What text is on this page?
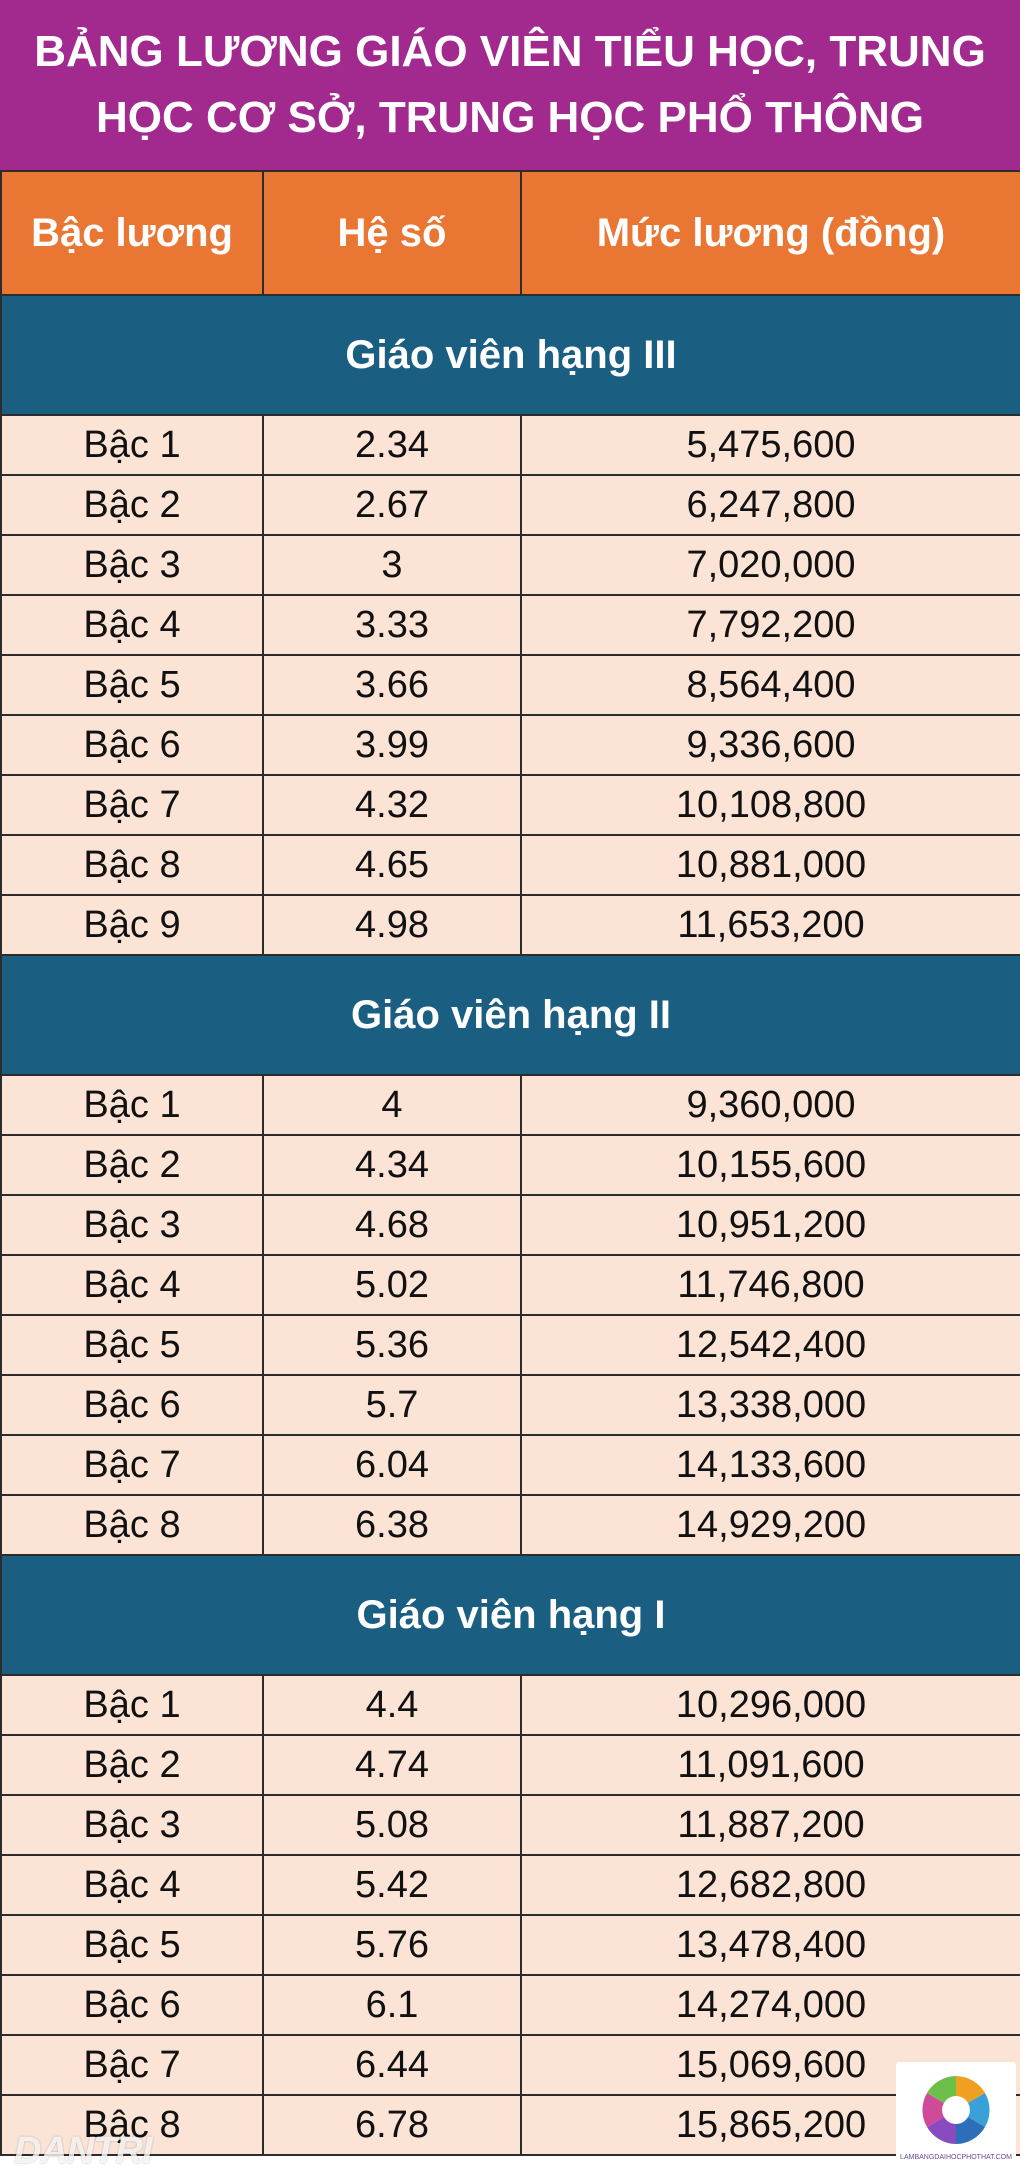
BẢNG LƯƠNG GIÁO VIÊN TIỂU HỌC, TRUNG
HỌC CƠ SỞ, TRUNG HỌC PHỔ THÔNG
Bậc lương	Hệ số	Mức lương (đồng)
Giáo viên hạng III		
Bậc 1	2.34	5,475,600
Bậc 2	2.67	6,247,800
Bậc 3	3	7,020,000
Bậc 4	3.33	7,792,200
Bậc 5	3.66	8,564,400
Bậc 6	3.99	9,336,600
Bậc 7	4.32	10,108,800
Bậc 8	4.65	10,881,000
Bậc 9	4.98	11,653,200
Giáo viên hạng II		
Bậc 1	4	9,360,000
Bậc 2	4.34	10,155,600
Bậc 3	4.68	10,951,200
Bậc 4	5.02	11,746,800
Bậc 5	5.36	12,542,400
Bậc 6	5.7	13,338,000
Bậc 7	6.04	14,133,600
Bậc 8	6.38	14,929,200
Giáo viên hạng I		
Bậc 1	4.4	10,296,000
Bậc 2	4.74	11,091,600
Bậc 3	5.08	11,887,200
Bậc 4	5.42	12,682,800
Bậc 5	5.76	13,478,400
Bậc 6	6.1	14,274,000
Bậc 7	6.44	15,069,600
Bậc 8	6.78	15,865,200
LAMBANGDAIHOCPHOTHAT.COM
DANTRI
